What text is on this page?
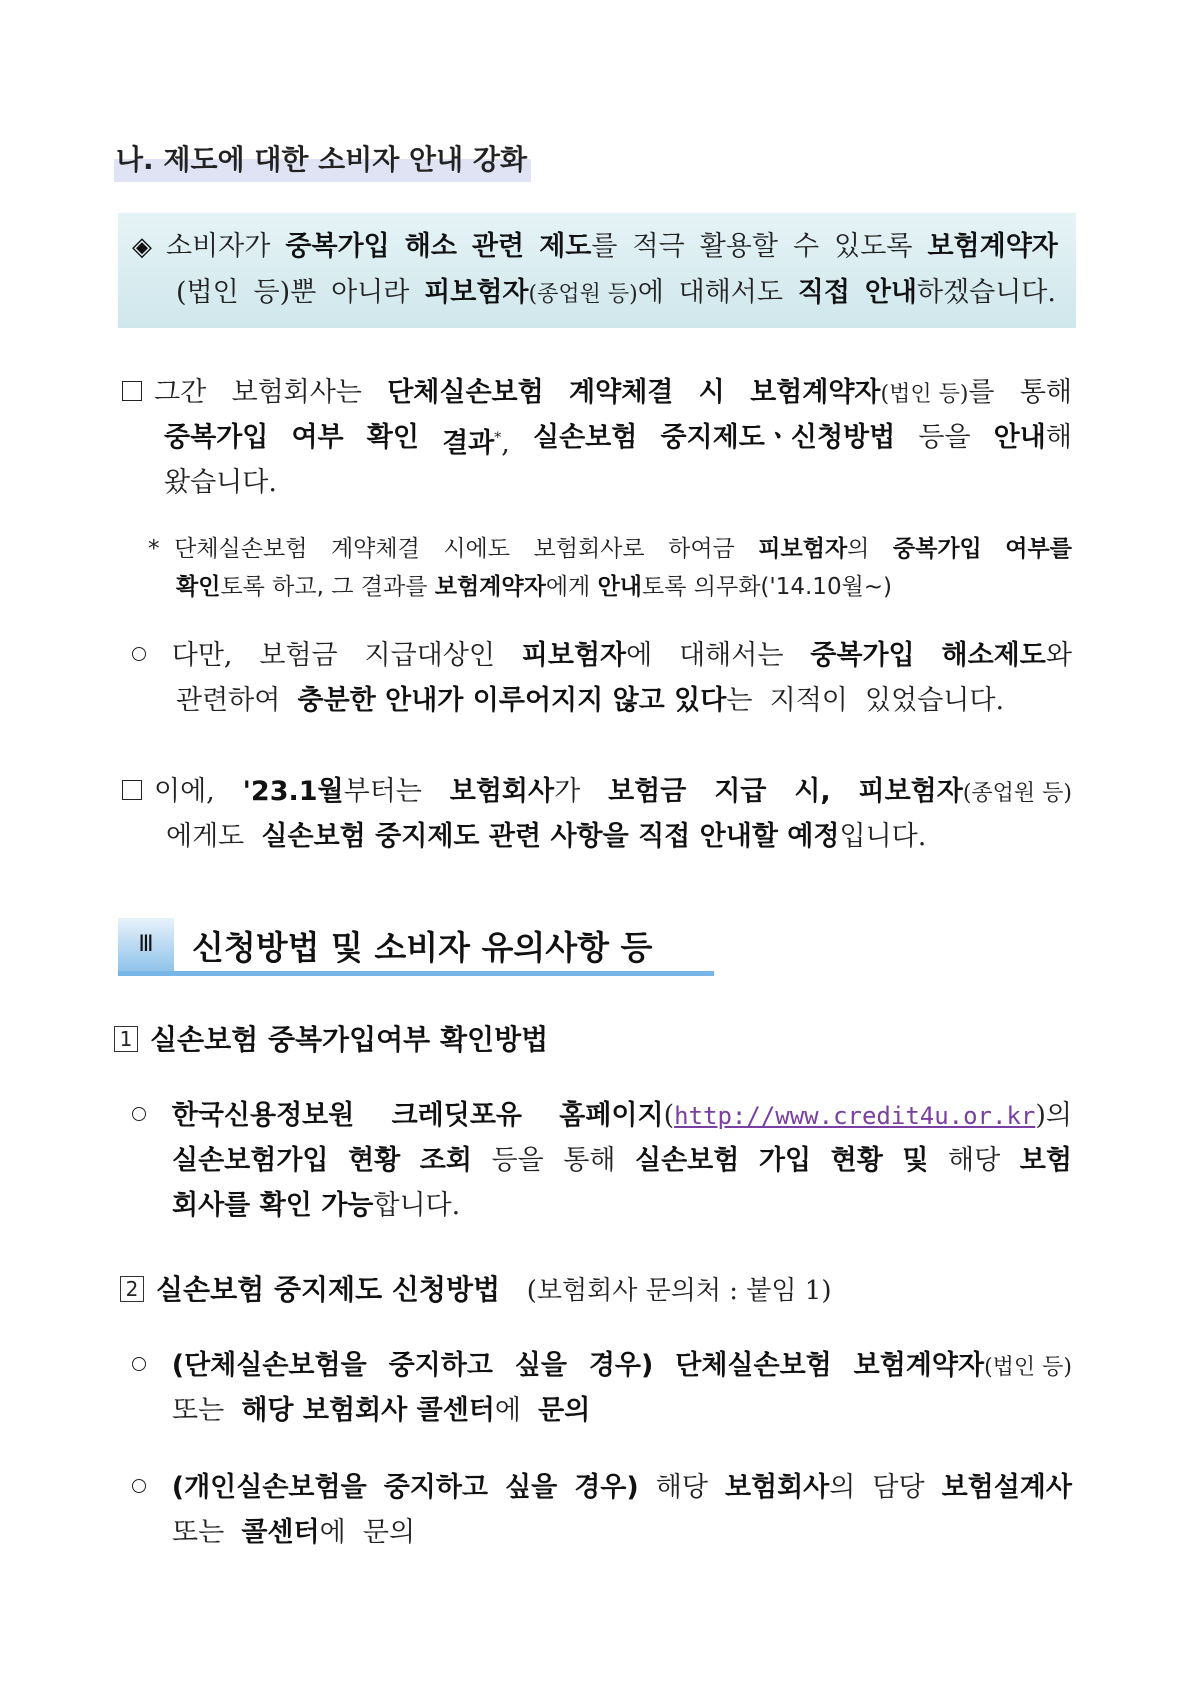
나. 제도에 대한 소비자 안내 강화
◈ 소비자가 중복가입 해소 관련 제도를 적극 활용할 수 있도록 보험계약자
(법인 등)뿐 아니라 피보험자(종업원 등)에 대해서도 직접 안내하겠습니다.
그간 보험회사는 단체실손보험 계약체결 시 보험계약자(법인 등)를 통해
중복가입 여부 확인 결과*, 실손보험 중지제도ㆍ신청방법 등을 안내해
왔습니다.
* 단체실손보험 계약체결 시에도 보험회사로 하여금 피보험자의 중복가입 여부를
확인토록 하고, 그 결과를 보험계약자에게 안내토록 의무화('14.10월~)
다만, 보험금 지급대상인 피보험자에 대해서는 중복가입 해소제도와
관련하여 충분한 안내가 이루어지지 않고 있다는 지적이 있었습니다.
이에, '23.1월부터는 보험회사가 보험금 지급 시, 피보험자(종업원 등)
에게도 실손보험 중지제도 관련 사항을 직접 안내할 예정입니다.
Ⅲ	신청방법 및 소비자 유의사항 등
1 실손보험 중복가입여부 확인방법
한국신용정보원 크레딧포유 홈페이지(http://www.credit4u.or.kr)의
실손보험가입 현황 조회 등을 통해 실손보험 가입 현황 및 해당 보험
회사를 확인 가능합니다.
2 실손보험 중지제도 신청방법 (보험회사 문의처 : 붙임 1)
(단체실손보험을 중지하고 싶을 경우) 단체실손보험 보험계약자(법인 등)
또는 해당 보험회사 콜센터에 문의
(개인실손보험을 중지하고 싶을 경우) 해당 보험회사의 담당 보험설계사
또는 콜센터에 문의
